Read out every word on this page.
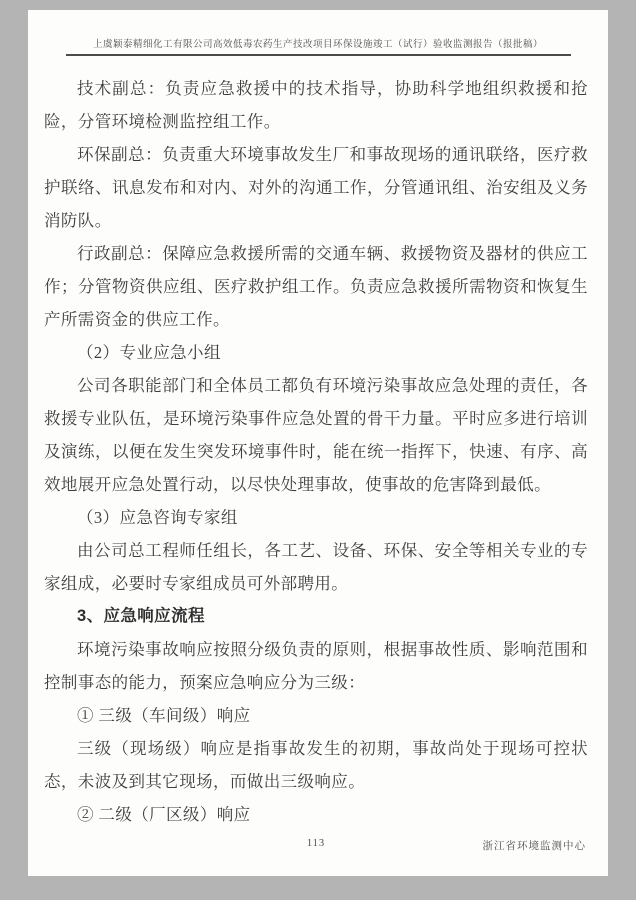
上虞颖泰精细化工有限公司高效低毒农药生产技改项目环保设施竣工（试行）验收监测报告（报批稿）

技术副总：负责应急救援中的技术指导，协助科学地组织救援和抢险，分管环境检测监控组工作。

环保副总：负责重大环境事故发生厂和事故现场的通讯联络，医疗救护联络、讯息发布和对内、对外的沟通工作，分管通讯组、治安组及义务消防队。

行政副总：保障应急救援所需的交通车辆、救援物资及器材的供应工作；分管物资供应组、医疗救护组工作。负责应急救援所需物资和恢复生产所需资金的供应工作。

（2）专业应急小组

公司各职能部门和全体员工都负有环境污染事故应急处理的责任，各救援专业队伍，是环境污染事件应急处置的骨干力量。平时应多进行培训及演练，以便在发生突发环境事件时，能在统一指挥下，快速、有序、高效地展开应急处置行动，以尽快处理事故，使事故的危害降到最低。

（3）应急咨询专家组

由公司总工程师任组长，各工艺、设备、环保、安全等相关专业的专家组成，必要时专家组成员可外部聘用。

3、应急响应流程

环境污染事故响应按照分级负责的原则，根据事故性质、影响范围和控制事态的能力，预案应急响应分为三级：

① 三级（车间级）响应

三级（现场级）响应是指事故发生的初期，事故尚处于现场可控状态，未波及到其它现场，而做出三级响应。

② 二级（厂区级）响应

113	浙江省环境监测中心
